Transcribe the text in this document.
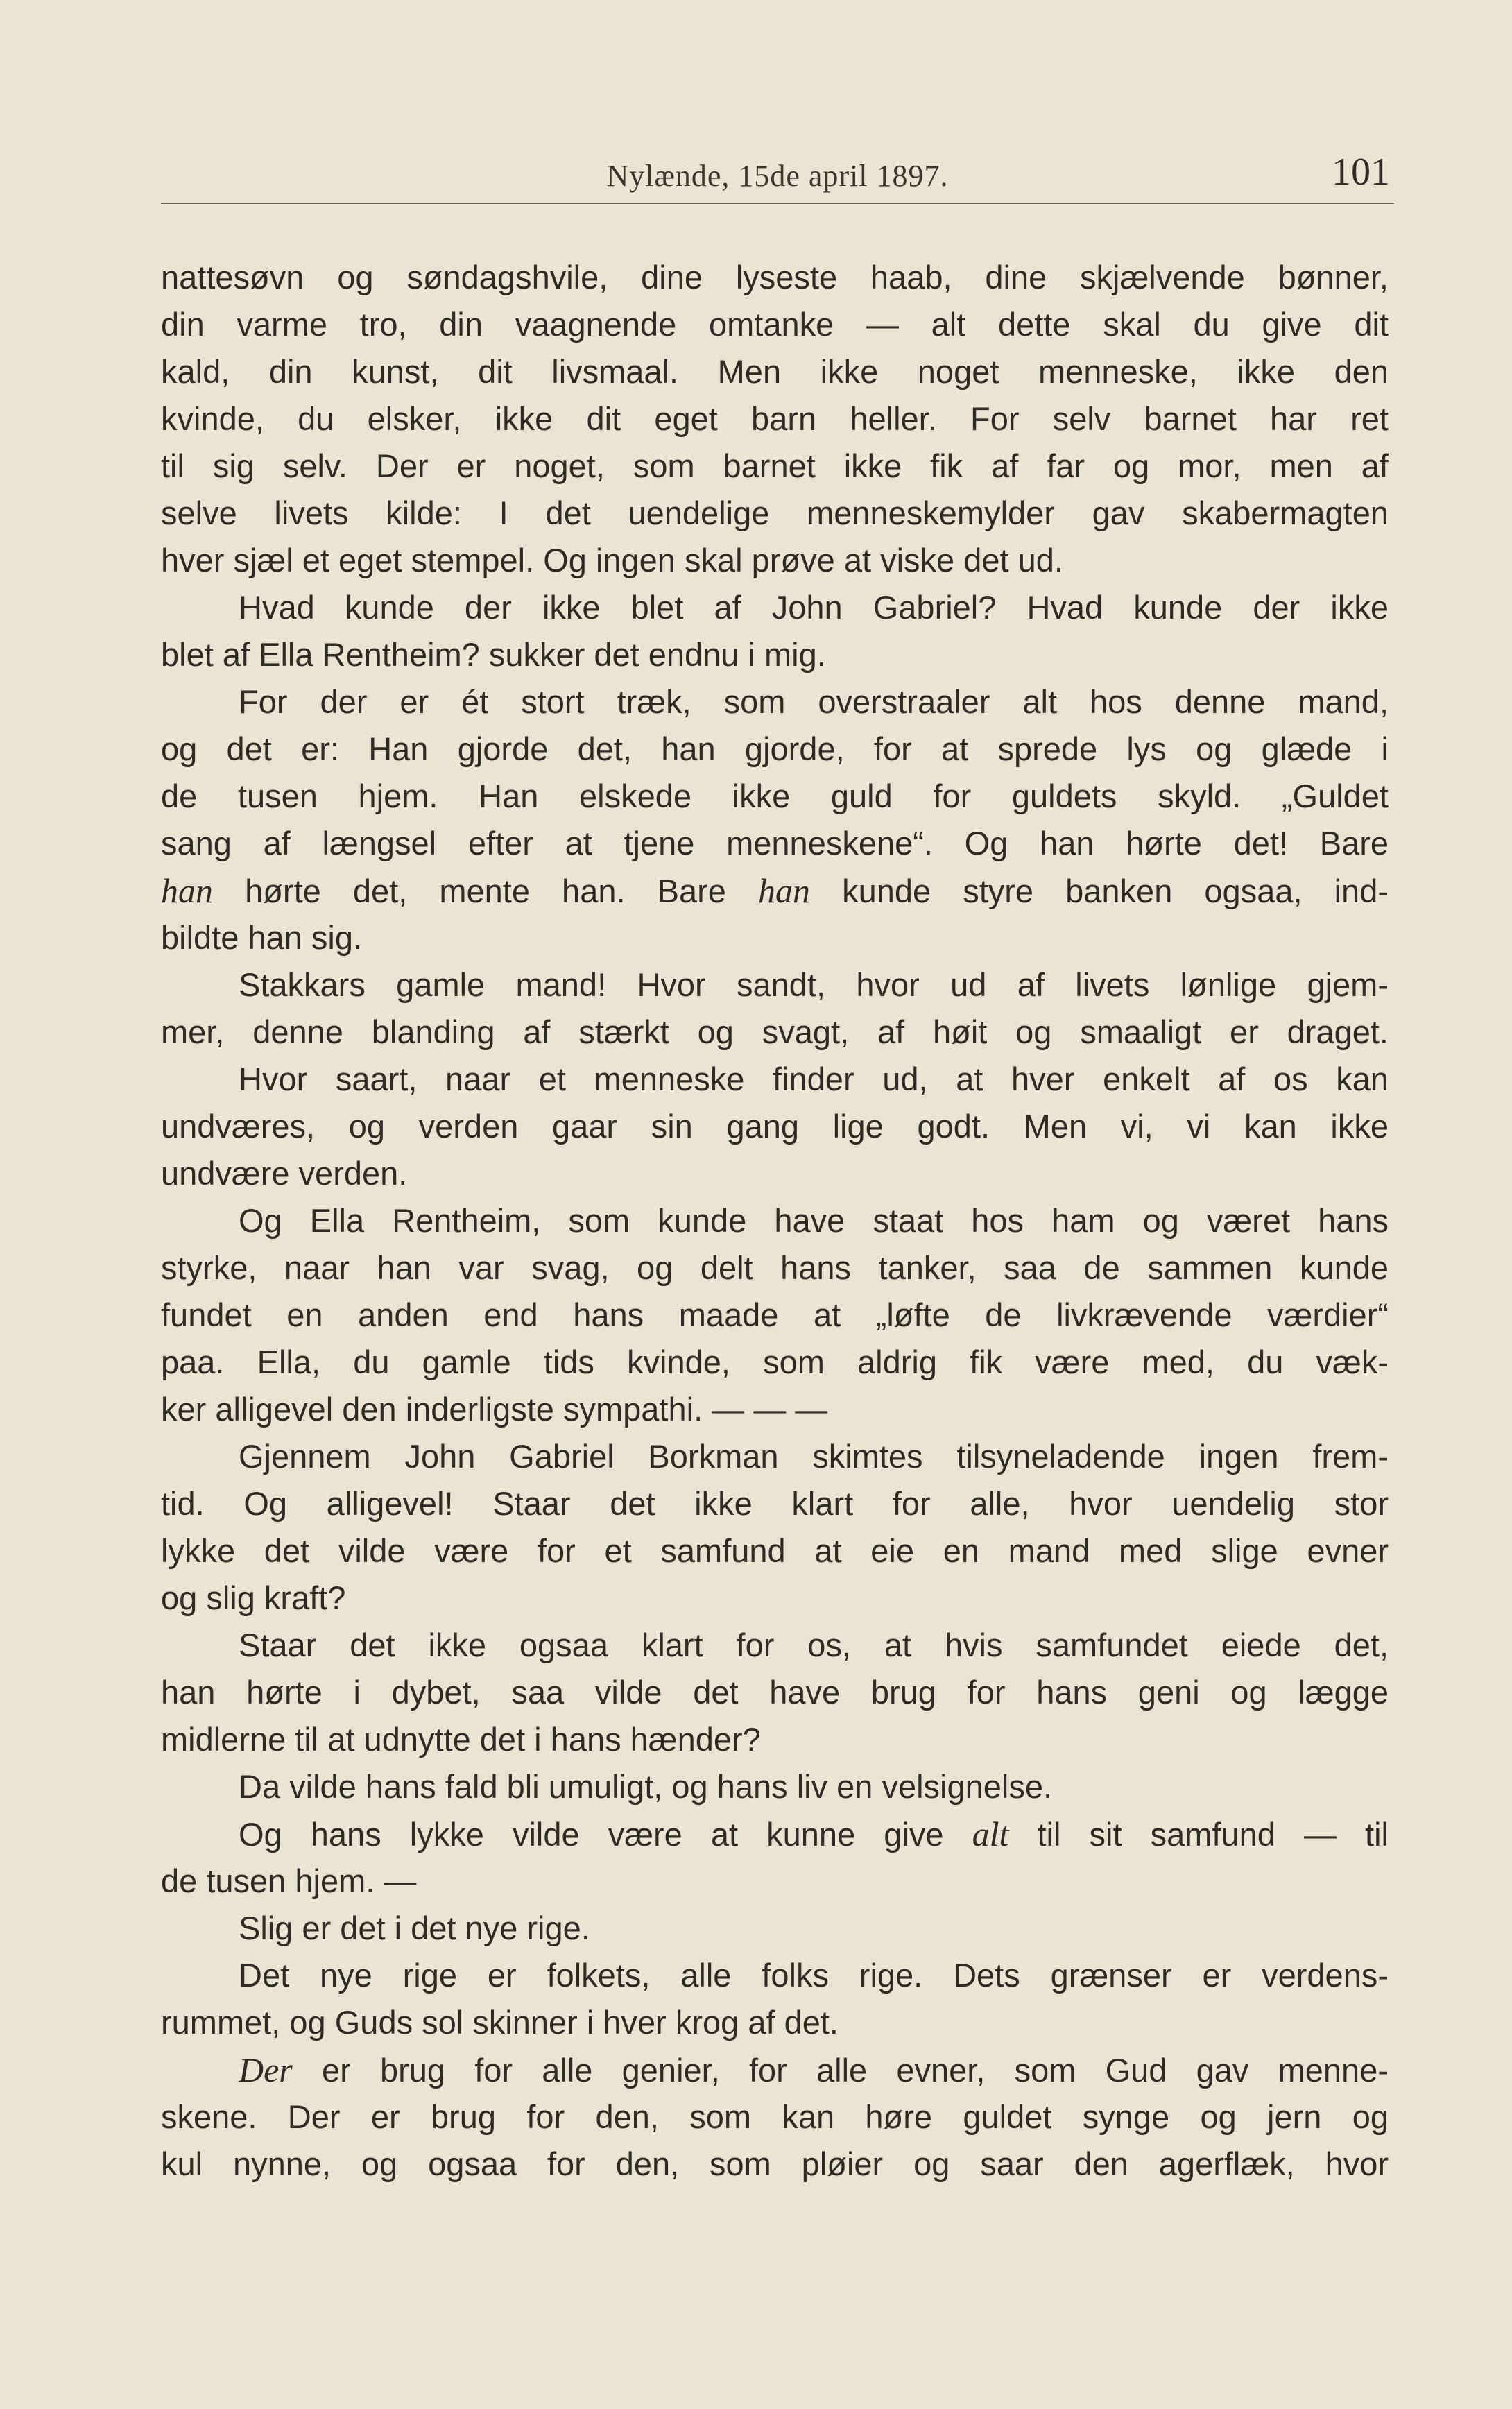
Nylænde, 15de april 1897.	101
nattesøvn og søndagshvile, dine lyseste haab, dine skjælvende bønner,
din varme tro, din vaagnende omtanke — alt dette skal du give dit
kald, din kunst, dit livsmaal. Men ikke noget menneske, ikke den
kvinde, du elsker, ikke dit eget barn heller. For selv barnet har ret
til sig selv. Der er noget, som barnet ikke fik af far og mor, men af
selve livets kilde: I det uendelige menneskemylder gav skabermagten
hver sjæl et eget stempel. Og ingen skal prøve at viske det ud.
Hvad kunde der ikke blet af John Gabriel? Hvad kunde der ikke
blet af Ella Rentheim? sukker det endnu i mig.
For der er ét stort træk, som overstraaler alt hos denne mand,
og det er: Han gjorde det, han gjorde, for at sprede lys og glæde i
de tusen hjem. Han elskede ikke guld for guldets skyld. „Guldet
sang af længsel efter at tjene menneskene“. Og han hørte det! Bare
han hørte det, mente han. Bare han kunde styre banken ogsaa, ind-
bildte han sig.
Stakkars gamle mand! Hvor sandt, hvor ud af livets lønlige gjem-
mer, denne blanding af stærkt og svagt, af høit og smaaligt er draget.
Hvor saart, naar et menneske finder ud, at hver enkelt af os kan
undværes, og verden gaar sin gang lige godt. Men vi, vi kan ikke
undvære verden.
Og Ella Rentheim, som kunde have staat hos ham og været hans
styrke, naar han var svag, og delt hans tanker, saa de sammen kunde
fundet en anden end hans maade at „løfte de livkrævende værdier“
paa. Ella, du gamle tids kvinde, som aldrig fik være med, du væk-
ker alligevel den inderligste sympathi. — — —
Gjennem John Gabriel Borkman skimtes tilsyneladende ingen frem-
tid. Og alligevel! Staar det ikke klart for alle, hvor uendelig stor
lykke det vilde være for et samfund at eie en mand med slige evner
og slig kraft?
Staar det ikke ogsaa klart for os, at hvis samfundet eiede det,
han hørte i dybet, saa vilde det have brug for hans geni og lægge
midlerne til at udnytte det i hans hænder?
Da vilde hans fald bli umuligt, og hans liv en velsignelse.
Og hans lykke vilde være at kunne give alt til sit samfund — til
de tusen hjem. —
Slig er det i det nye rige.
Det nye rige er folkets, alle folks rige. Dets grænser er verdens-
rummet, og Guds sol skinner i hver krog af det.
Der er brug for alle genier, for alle evner, som Gud gav menne-
skene. Der er brug for den, som kan høre guldet synge og jern og
kul nynne, og ogsaa for den, som pløier og saar den agerflæk, hvor
